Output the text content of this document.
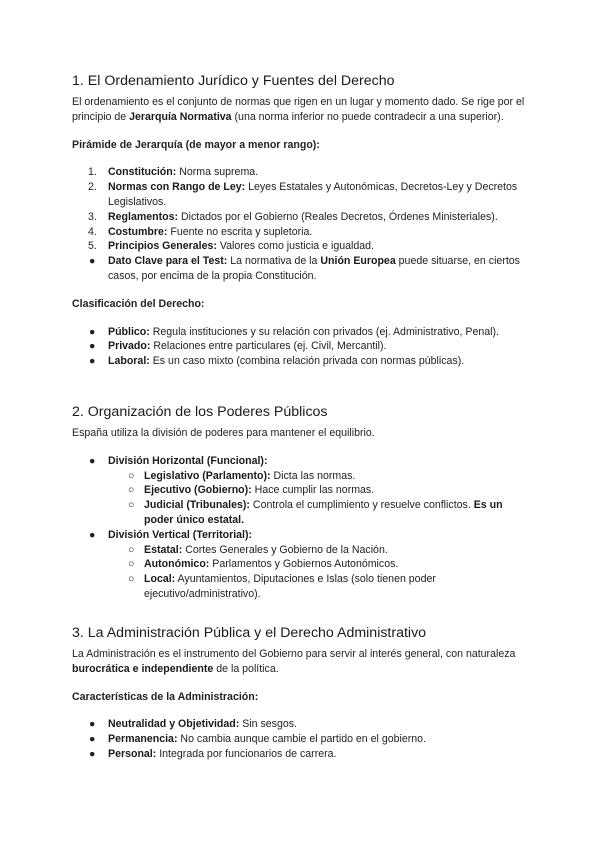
1. El Ordenamiento Jurídico y Fuentes del Derecho

El ordenamiento es el conjunto de normas que rigen en un lugar y momento dado. Se rige por el principio de Jerarquía Normativa (una norma inferior no puede contradecir a una superior).

Pirámide de Jerarquía (de mayor a menor rango):

1. Constitución: Norma suprema.
2. Normas con Rango de Ley: Leyes Estatales y Autonómicas, Decretos-Ley y Decretos Legislativos.
3. Reglamentos: Dictados por el Gobierno (Reales Decretos, Órdenes Ministeriales).
4. Costumbre: Fuente no escrita y supletoria.
5. Principios Generales: Valores como justicia e igualdad.
● Dato Clave para el Test: La normativa de la Unión Europea puede situarse, en ciertos casos, por encima de la propia Constitución.

Clasificación del Derecho:

● Público: Regula instituciones y su relación con privados (ej. Administrativo, Penal).
● Privado: Relaciones entre particulares (ej. Civil, Mercantil).
● Laboral: Es un caso mixto (combina relación privada con normas públicas).
2. Organización de los Poderes Públicos

España utiliza la división de poderes para mantener el equilibrio.

● División Horizontal (Funcional):
○ Legislativo (Parlamento): Dicta las normas.
○ Ejecutivo (Gobierno): Hace cumplir las normas.
○ Judicial (Tribunales): Controla el cumplimiento y resuelve conflictos. Es un poder único estatal.
● División Vertical (Territorial):
○ Estatal: Cortes Generales y Gobierno de la Nación.
○ Autonómico: Parlamentos y Gobiernos Autonómicos.
○ Local: Ayuntamientos, Diputaciones e Islas (solo tienen poder ejecutivo/administrativo).
3. La Administración Pública y el Derecho Administrativo

La Administración es el instrumento del Gobierno para servir al interés general, con naturaleza burocrática e independiente de la política.

Características de la Administración:

● Neutralidad y Objetividad: Sin sesgos.
● Permanencia: No cambia aunque cambie el partido en el gobierno.
● Personal: Integrada por funcionarios de carrera.
